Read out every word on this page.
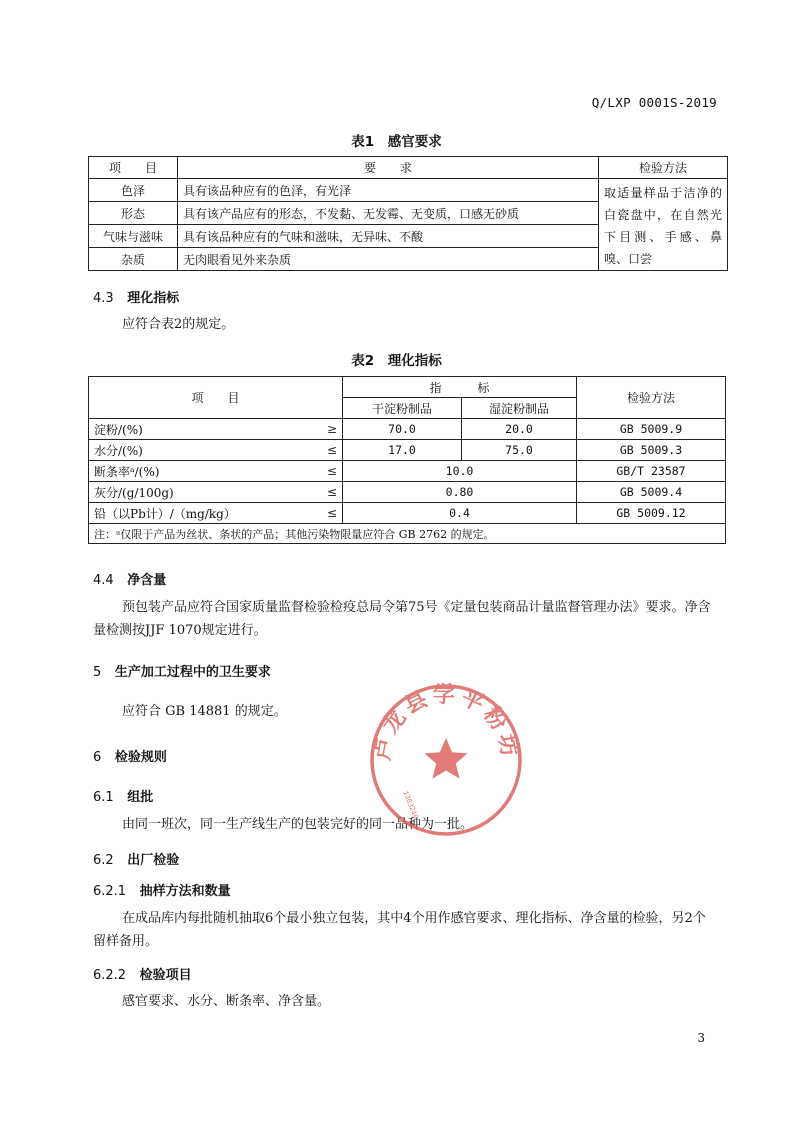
Q/LXP 0001S-2019
表1　感官要求
项　　目	要　　求	检验方法
色泽	具有该品种应有的色泽，有光泽	取适量样品于洁净的白瓷盘中，在自然光下目测、手感、鼻嗅、口尝
形态	具有该产品应有的形态，不发黏、无发霉、无变质，口感无砂质	
气味与滋味	具有该品种应有的气味和滋味，无异味、不酸	
杂质	无肉眼看见外来杂质	
4.3 理化指标
应符合表2的规定。
表2　理化指标
项　　目		指　　　标		检验方法
		干淀粉制品	湿淀粉制品	
淀粉/(%)	≥	70.0	20.0	GB 5009.9
水分/(%)	≤	17.0	75.0	GB 5009.3
断条率ᵃ/(%)	≤	10.0		GB/T 23587
灰分/(g/100g)	≤	0.80		GB 5009.4
铅（以Pb计）/（mg/kg）	≤	0.4		GB 5009.12
注：ᵃ仅限于产品为丝状、条状的产品；其他污染物限量应符合 GB 2762 的规定。				
4.4 净含量
预包装产品应符合国家质量监督检验检疫总局令第75号《定量包装商品计量监督管理办法》要求。净含量检测按JJF 1070规定进行。
5 生产加工过程中的卫生要求
应符合 GB 14881 的规定。
6 检验规则
6.1 组批
由同一班次，同一生产线生产的包装完好的同一品种为一批。
6.2 出厂检验
6.2.1 抽样方法和数量
在成品库内每批随机抽取6个最小独立包装，其中4个用作感官要求、理化指标、净含量的检验，另2个留样备用。
6.2.2 检验项目
感官要求、水分、断条率、净含量。
卢龙县学平粉坊
1303240
3
